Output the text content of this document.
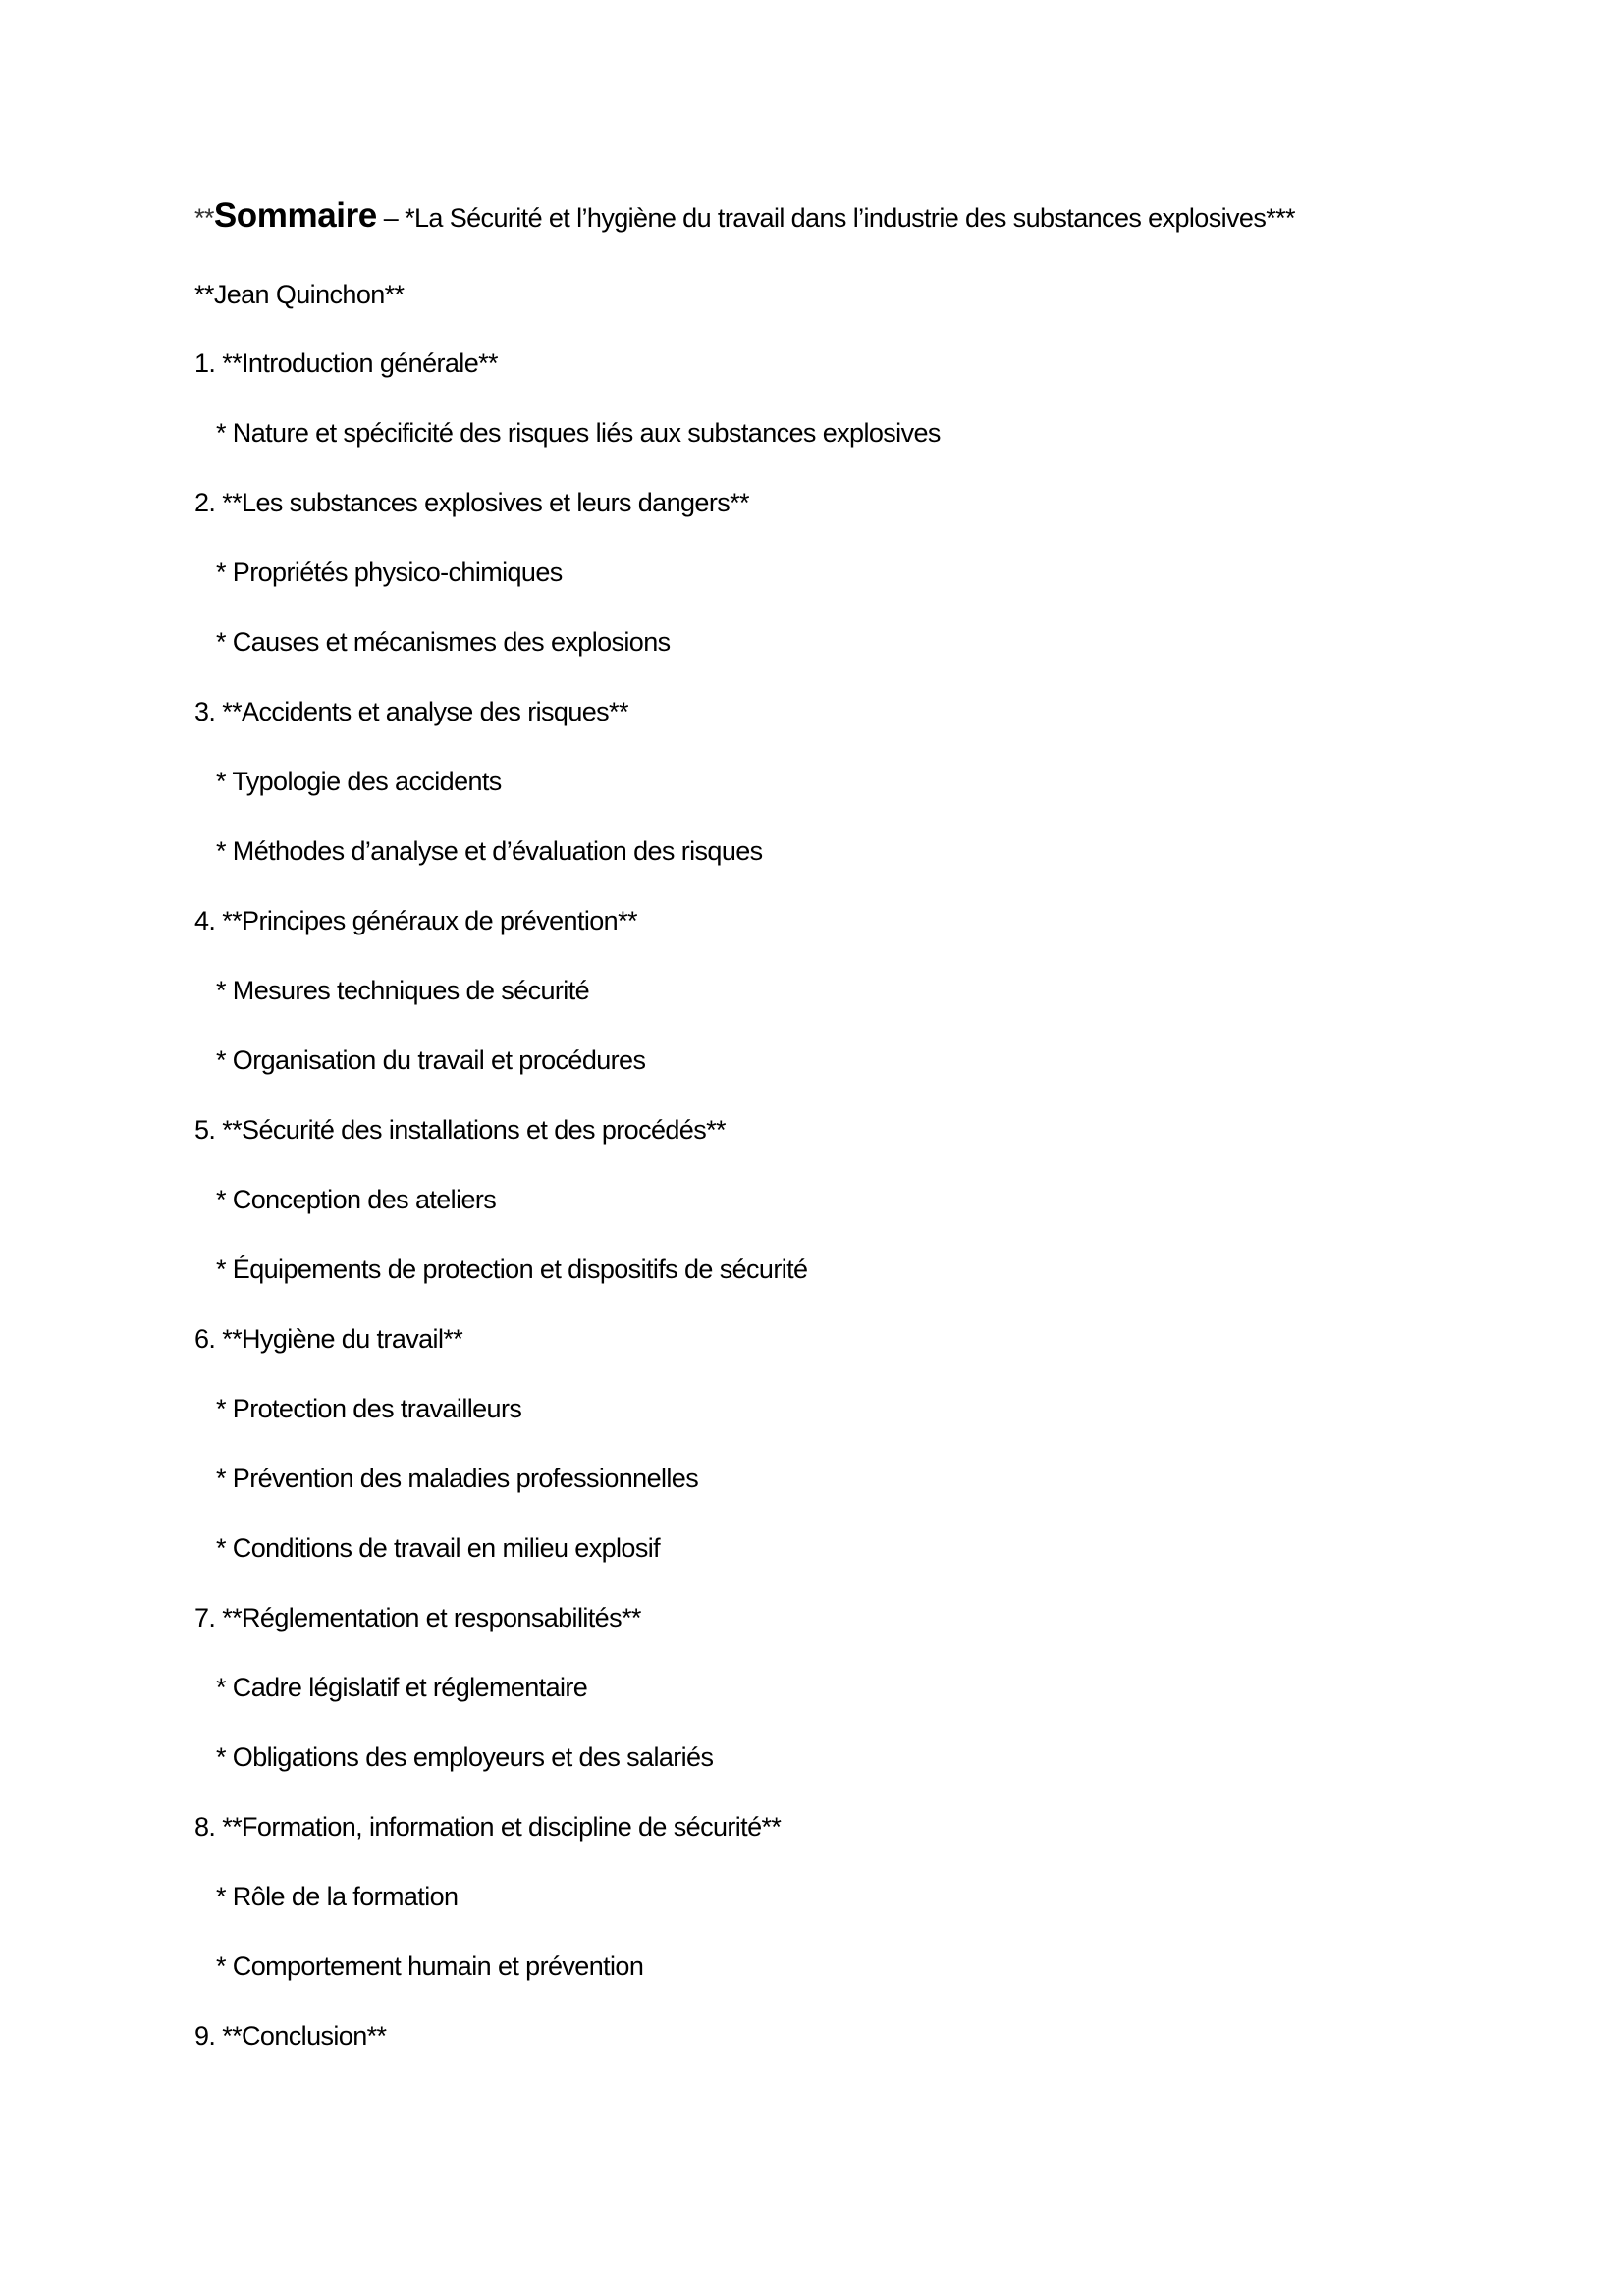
**Sommaire – *La Sécurité et l’hygiène du travail dans l’industrie des substances explosives***
**Jean Quinchon**
1. **Introduction générale**
* Nature et spécificité des risques liés aux substances explosives
2. **Les substances explosives et leurs dangers**
* Propriétés physico-chimiques
* Causes et mécanismes des explosions
3. **Accidents et analyse des risques**
* Typologie des accidents
* Méthodes d’analyse et d’évaluation des risques
4. **Principes généraux de prévention**
* Mesures techniques de sécurité
* Organisation du travail et procédures
5. **Sécurité des installations et des procédés**
* Conception des ateliers
* Équipements de protection et dispositifs de sécurité
6. **Hygiène du travail**
* Protection des travailleurs
* Prévention des maladies professionnelles
* Conditions de travail en milieu explosif
7. **Réglementation et responsabilités**
* Cadre législatif et réglementaire
* Obligations des employeurs et des salariés
8. **Formation, information et discipline de sécurité**
* Rôle de la formation
* Comportement humain et prévention
9. **Conclusion**
